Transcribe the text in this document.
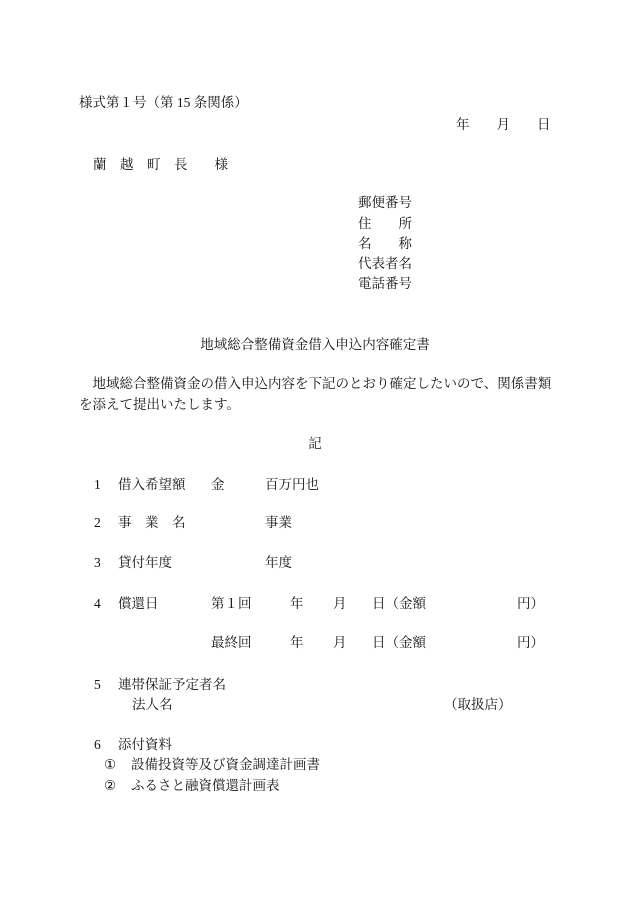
様式第１号（第 15 条関係）
年　　月　　日
蘭　越　町　長　　様
郵便番号
住　　所
名　　称
代表者名
電話番号
地域総合整備資金借入申込内容確定書
　地域総合整備資金の借入申込内容を下記のとおり確定したいので、関係書類
を添えて提出いたします。
記
1 借入希望額 金	百万円也
2 事　業　名	事業
3 貸付年度	年度
4 償還日	第１回	年 月 日（金額	円）
最終回	年 月 日（金額	円）
5 連帯保証予定者名
法人名	（取扱店）
6 添付資料
① 設備投資等及び資金調達計画書
② ふるさと融資償還計画表
